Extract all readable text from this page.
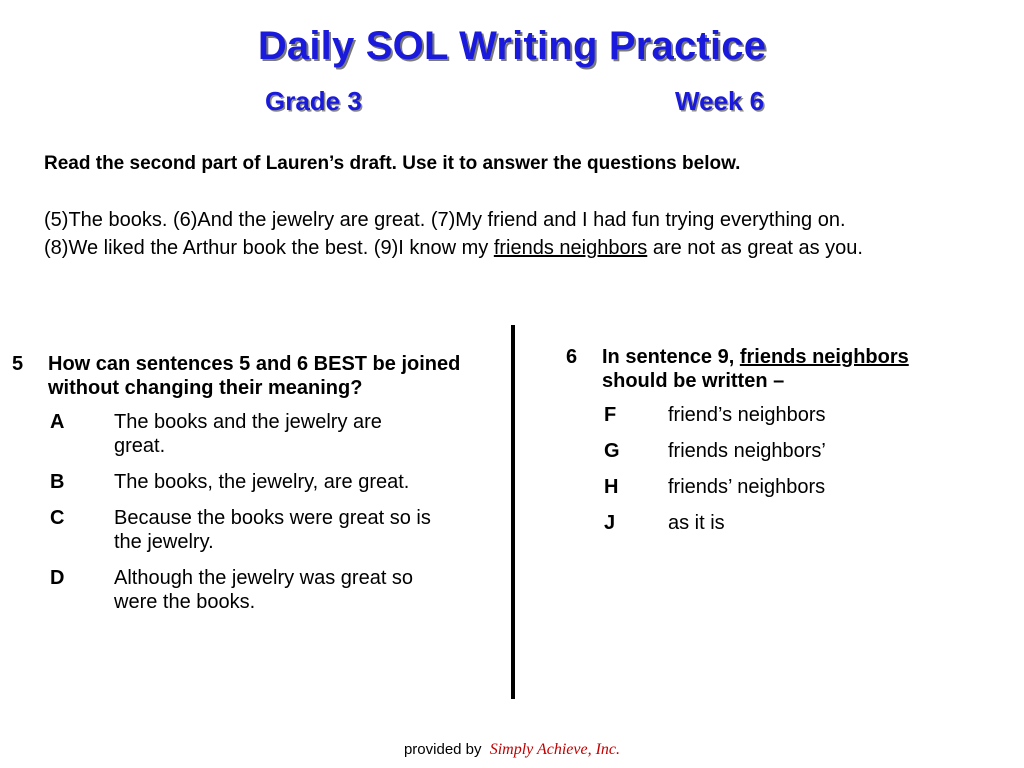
Daily SOL Writing Practice
Grade 3	Week 6
Read the second part of Lauren’s draft. Use it to answer the questions below.
(5)The books. (6)And the jewelry are great. (7)My friend and I had fun trying everything on.
(8)We liked the Arthur book the best. (9)I know my friends neighbors are not as great as you.
5	How can sentences 5 and 6 BEST be joined without changing their meaning?
A	The books and the jewelry are great.
B	The books, the jewelry, are great.
C	Because the books were great so is the jewelry.
D	Although the jewelry was great so were the books.
6	In sentence 9, friends neighbors should be written –
F	friend’s neighbors
G	friends neighbors’
H	friends’ neighbors
J	as it is
provided by Simply Achieve, Inc.
